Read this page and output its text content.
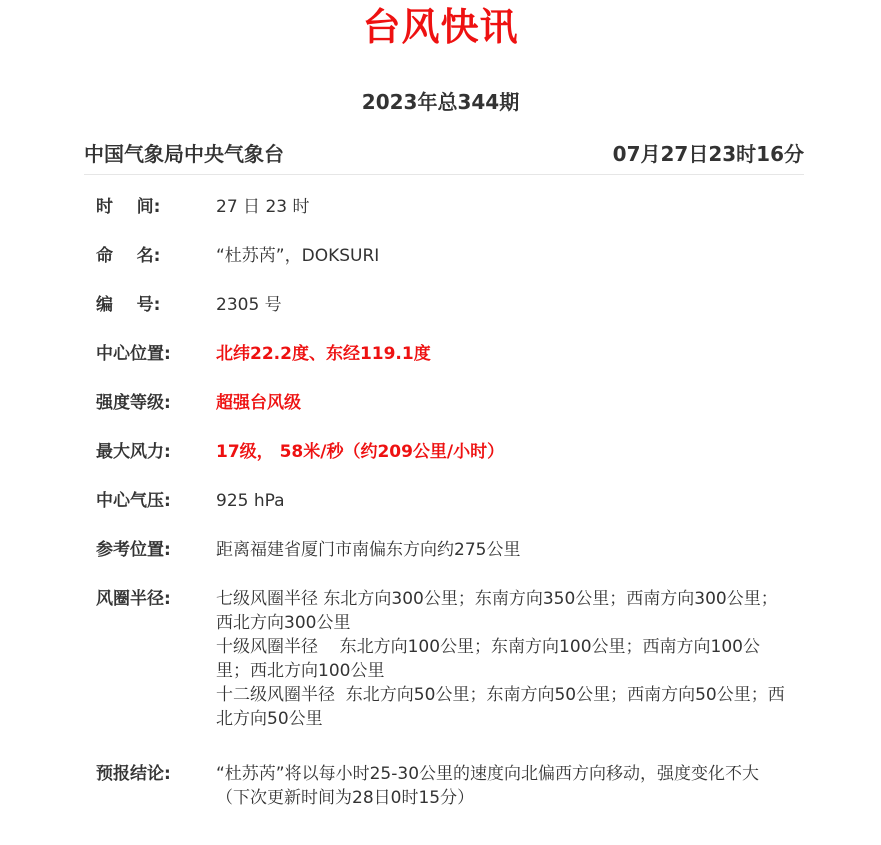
台风快讯
2023年总344期
中国气象局中央气象台	07月27日23时16分
时    间:	27 日 23 时
命    名:	“杜苏芮”，DOKSURI
编    号:	2305 号
中心位置:	北纬22.2度、东经119.1度
强度等级:	超强台风级
最大风力:	17级， 58米/秒（约209公里/小时）
中心气压:	925 hPa
参考位置:	距离福建省厦门市南偏东方向约275公里
风圈半径:	七级风圈半径 东北方向300公里；东南方向350公里；西南方向300公里；西北方向300公里
十级风圈半径    东北方向100公里；东南方向100公里；西南方向100公里；西北方向100公里
十二级风圈半径  东北方向50公里；东南方向50公里；西南方向50公里；西北方向50公里
预报结论:	“杜苏芮”将以每小时25-30公里的速度向北偏西方向移动，强度变化不大
（下次更新时间为28日0时15分）
